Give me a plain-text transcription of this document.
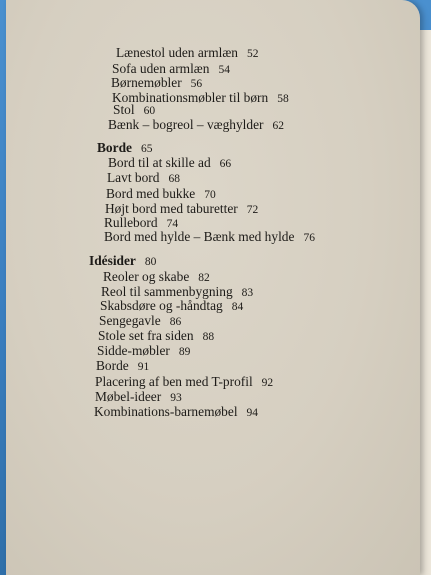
Lænestol uden armlæn 52
Sofa uden armlæn 54
Børnemøbler 56
Kombinationsmøbler til børn 58
Stol 60
Bænk – bogreol – væghylder 62
Borde 65
Bord til at skille ad 66
Lavt bord 68
Bord med bukke 70
Højt bord med taburetter 72
Rullebord 74
Bord med hylde – Bænk med hylde 76
Idésider 80
Reoler og skabe 82
Reol til sammenbygning 83
Skabsdøre og -håndtag 84
Sengegavle 86
Stole set fra siden 88
Sidde-møbler 89
Borde 91
Placering af ben med T-profil 92
Møbel-ideer 93
Kombinations-barnemøbel 94
